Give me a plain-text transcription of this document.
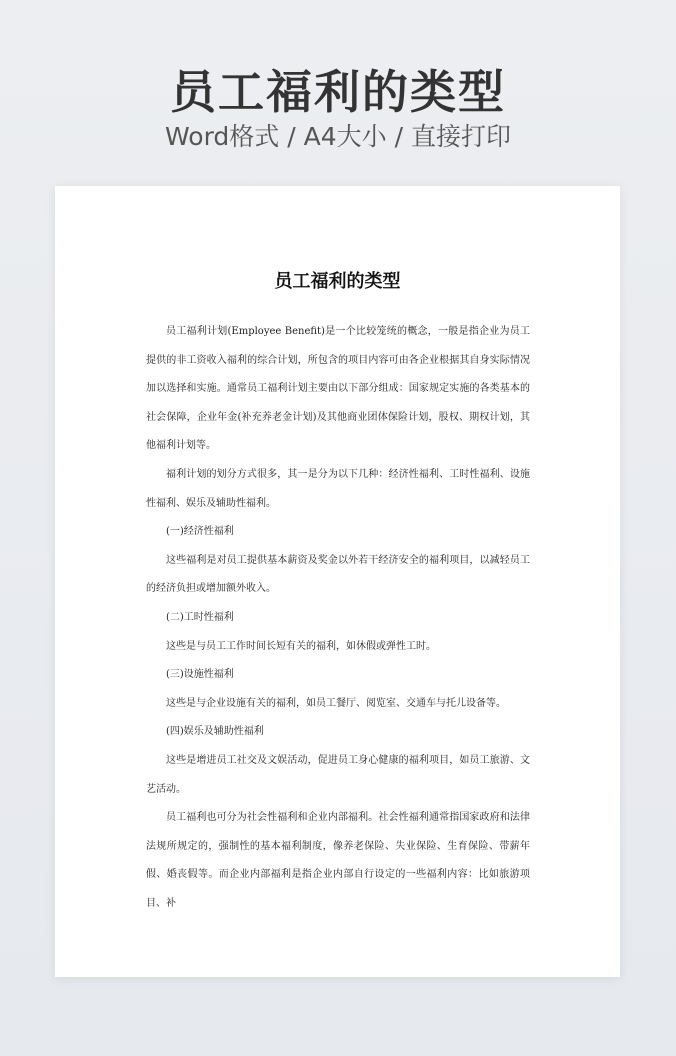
员工福利的类型
Word格式 / A4大小 / 直接打印
员工福利的类型

员工福利计划(Employee Benefit)是一个比较笼统的概念，一般是指企业为员工提供的非工资收入福利的综合计划，所包含的项目内容可由各企业根据其自身实际情况加以选择和实施。通常员工福利计划主要由以下部分组成：国家规定实施的各类基本的社会保障，企业年金(补充养老金计划)及其他商业团体保险计划，股权、期权计划，其他福利计划等。

福利计划的划分方式很多，其一是分为以下几种：经济性福利、工时性福利、设施性福利、娱乐及辅助性福利。

(一)经济性福利

这些福利是对员工提供基本薪资及奖金以外若干经济安全的福利项目，以减轻员工的经济负担或增加额外收入。

(二)工时性福利

这些是与员工工作时间长短有关的福利，如休假或弹性工时。

(三)设施性福利

这些是与企业设施有关的福利，如员工餐厅、阅览室、交通车与托儿设备等。

(四)娱乐及辅助性福利

这些是增进员工社交及文娱活动，促进员工身心健康的福利项目，如员工旅游、文艺活动。

员工福利也可分为社会性福利和企业内部福利。社会性福利通常指国家政府和法律法规所规定的，强制性的基本福利制度，像养老保险、失业保险、生育保险、带薪年假、婚丧假等。而企业内部福利是指企业内部自行设定的一些福利内容：比如旅游项目、补
